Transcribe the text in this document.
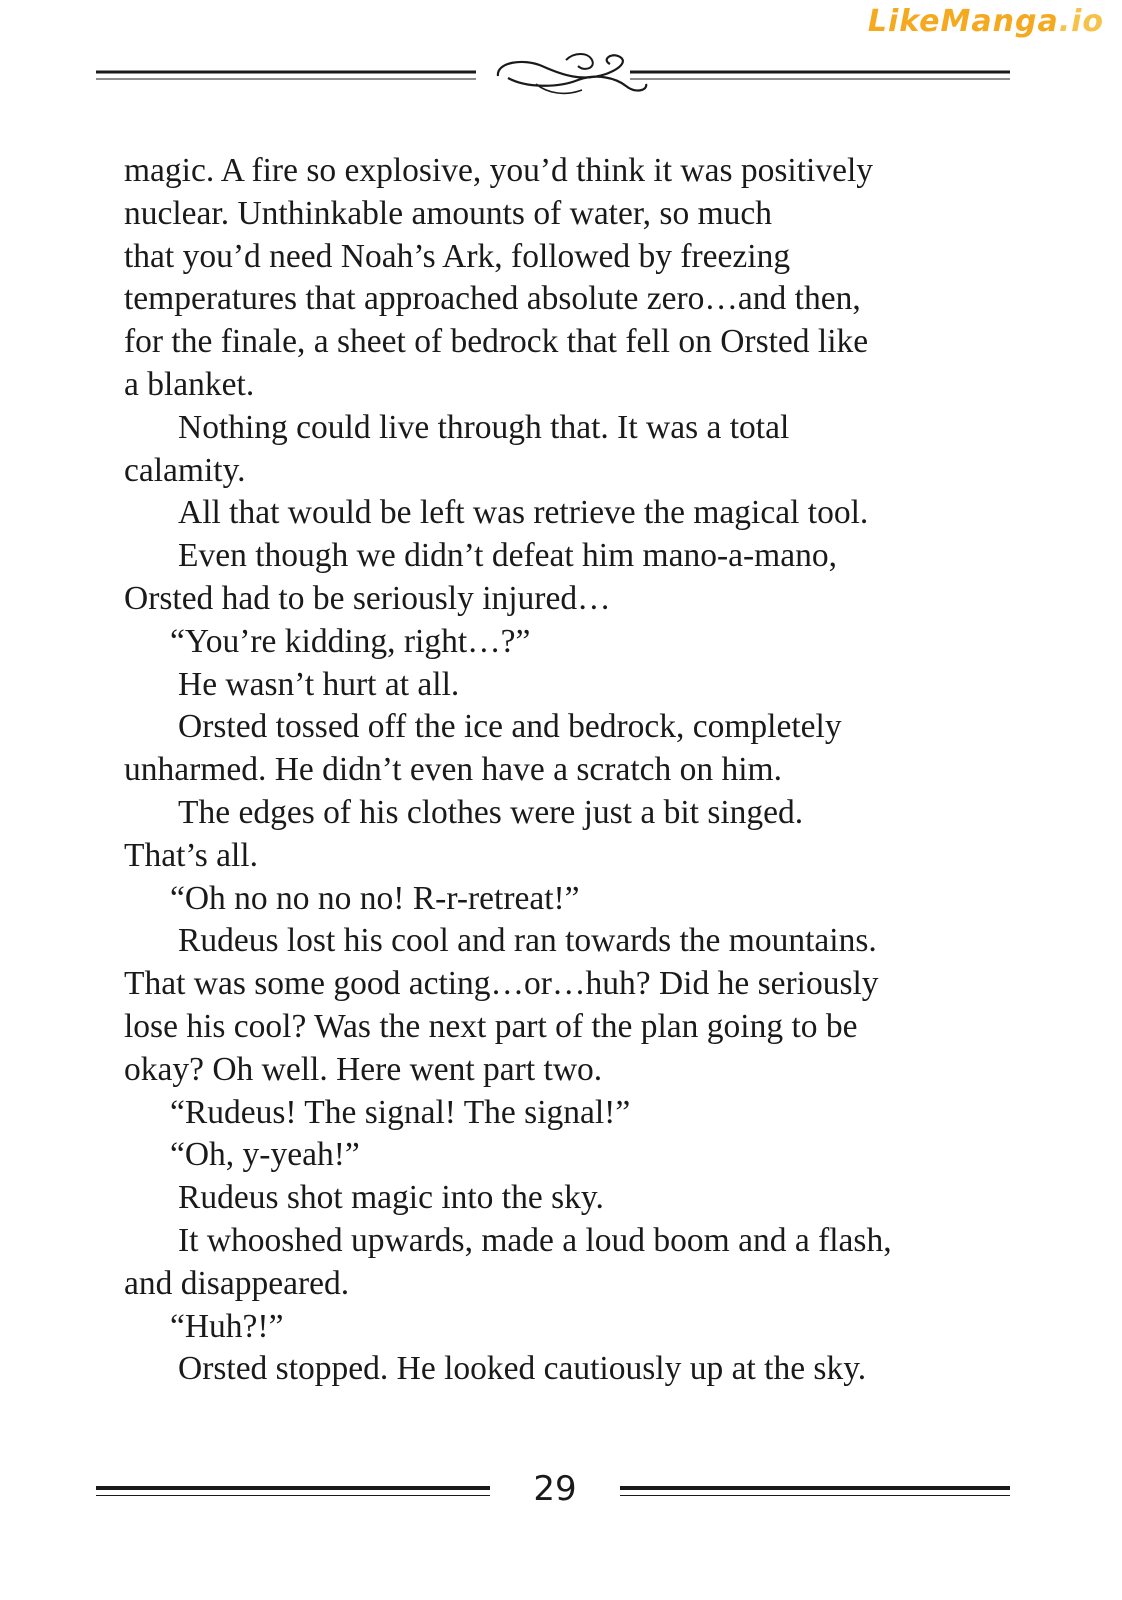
LikeManga.io

magic. A fire so explosive, you’d think it was positively

nuclear. Unthinkable amounts of water, so much

that you’d need Noah’s Ark, followed by freezing

temperatures that approached absolute zero…and then,

for the finale, a sheet of bedrock that fell on Orsted like

a blanket.

Nothing could live through that. It was a total

calamity.

All that would be left was retrieve the magical tool.

Even though we didn’t defeat him mano-a-mano,

Orsted had to be seriously injured…

“You’re kidding, right…?”

He wasn’t hurt at all.

Orsted tossed off the ice and bedrock, completely

unharmed. He didn’t even have a scratch on him.

The edges of his clothes were just a bit singed.

That’s all.

“Oh no no no no! R-r-retreat!”

Rudeus lost his cool and ran towards the mountains.

That was some good acting…or…huh? Did he seriously

lose his cool? Was the next part of the plan going to be

okay? Oh well. Here went part two.

“Rudeus! The signal! The signal!”

“Oh, y-yeah!”

Rudeus shot magic into the sky.

It whooshed upwards, made a loud boom and a flash,

and disappeared.

“Huh?!”

Orsted stopped. He looked cautiously up at the sky.

29
